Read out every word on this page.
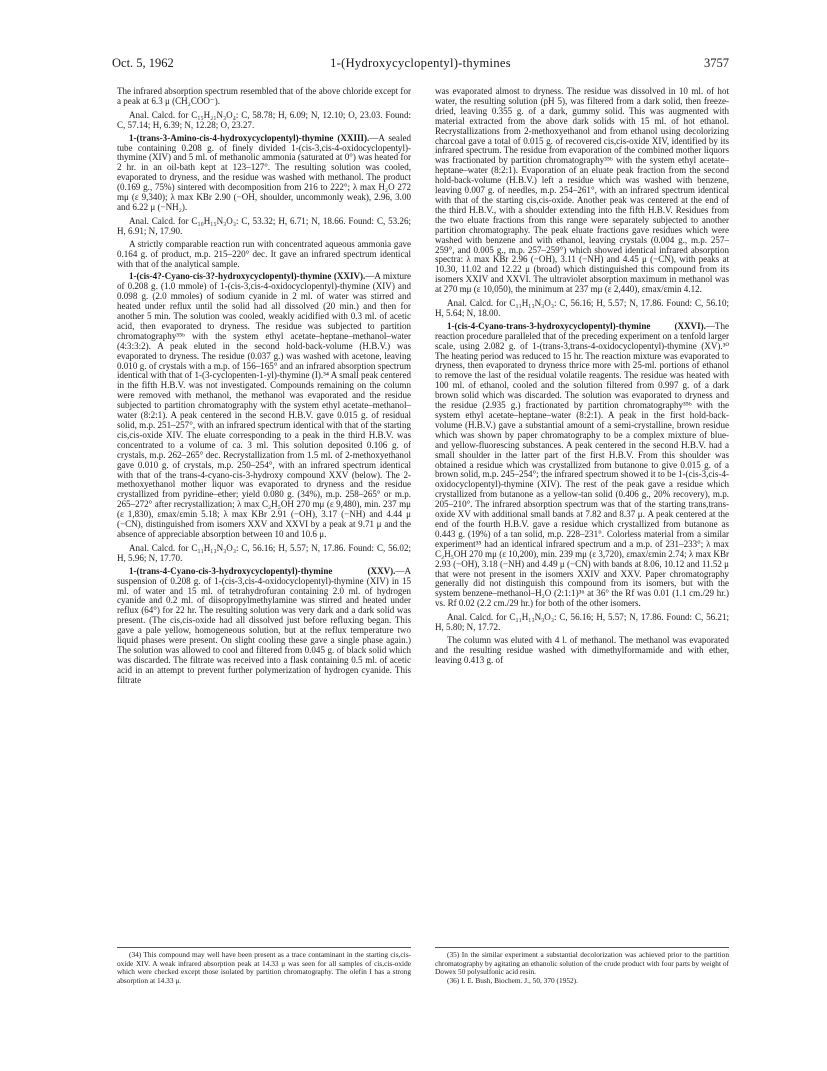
Oct. 5, 1962	1-(Hydroxycyclopentyl)-thymines	3757

The infrared absorption spectrum resembled that of the above chloride except for a peak at 6.3 μ (CH₂COO⁻).

Anal. Calcd. for C₁₅H₂₁N₃O₄: C, 58.78; H, 6.09; N, 12.10; O, 23.03. Found: C, 57.14; H, 6.39; N, 12.28; O, 23.27.

1-(trans-3-Amino-cis-4-hydroxycyclopentyl)-thymine (XXIII).—A sealed tube containing 0.208 g. of finely divided 1-(cis-3,cis-4-oxidocyclopentyl)-thymine (XIV) and 5 ml. of methanolic ammonia (saturated at 0°) was heated for 2 hr. in an oil-bath kept at 123–127°. The resulting solution was cooled, evaporated to dryness, and the residue was washed with methanol. The product (0.169 g., 75%) sintered with decomposition from 216 to 222°; λ max H₂O 272 mμ (ε 9,340); λ max KBr 2.90 (−OH, shoulder, uncommonly weak), 2.96, 3.00 and 6.22 μ (−NH₂).

Anal. Calcd. for C₁₀H₁₅N₃O₃: C, 53.32; H, 6.71; N, 18.66. Found: C, 53.26; H, 6.91; N, 17.90.

A strictly comparable reaction run with concentrated aqueous ammonia gave 0.164 g. of product, m.p. 215–220° dec. It gave an infrared spectrum identical with that of the analytical sample.

1-(cis-4?-Cyano-cis-3?-hydroxycyclopentyl)-thymine (XXIV).—A mixture of 0.208 g. (1.0 mmole) of 1-(cis-3,cis-4-oxidocyclopentyl)-thymine (XIV) and 0.098 g. (2.0 mmoles) of sodium cyanide in 2 ml. of water was stirred and heated under reflux until the solid had all dissolved (20 min.) and then for another 5 min. The solution was cooled, weakly acidified with 0.3 ml. of acetic acid, then evaporated to dryness. The residue was subjected to partition chromatography³⁵ᵇ with the system ethyl acetate–heptane–methanol–water (4:3:3:2). A peak eluted in the second hold-back-volume (H.B.V.) was evaporated to dryness. The residue (0.037 g.) was washed with acetone, leaving 0.010 g. of crystals with a m.p. of 156–165° and an infrared absorption spectrum identical with that of 1-(3-cyclopenten-1-yl)-thymine (I).³⁴ A small peak centered in the fifth H.B.V. was not investigated. Compounds remaining on the column were removed with methanol, the methanol was evaporated and the residue subjected to partition chromatography with the system ethyl acetate–methanol–water (8:2:1). A peak centered in the second H.B.V. gave 0.015 g. of residual solid, m.p. 251–257°, with an infrared spectrum identical with that of the starting cis,cis-oxide XIV. The eluate corresponding to a peak in the third H.B.V. was concentrated to a volume of ca. 3 ml. This solution deposited 0.106 g. of crystals, m.p. 262–265° dec. Recrystallization from 1.5 ml. of 2-methoxyethanol gave 0.010 g. of crystals, m.p. 250–254°, with an infrared spectrum identical with that of the trans-4-cyano-cis-3-hydroxy compound XXV (below). The 2-methoxyethanol mother liquor was evaporated to dryness and the residue crystallized from pyridine–ether; yield 0.080 g. (34%), m.p. 258–265° or m.p. 265–272° after recrystallization; λ max C₂H₅OH 270 mμ (ε 9,480), min. 237 mμ (ε 1,830), εmax/εmin 5.18; λ max KBr 2.91 (−OH), 3.17 (−NH) and 4.44 μ (−CN), distinguished from isomers XXV and XXVI by a peak at 9.71 μ and the absence of appreciable absorption between 10 and 10.6 μ.

Anal. Calcd. for C₁₁H₁₃N₃O₃: C, 56.16; H, 5.57; N, 17.86. Found: C, 56.02; H, 5.96; N, 17.70.

1-(trans-4-Cyano-cis-3-hydroxycyclopentyl)-thymine (XXV).—A suspension of 0.208 g. of 1-(cis-3,cis-4-oxidocyclopentyl)-thymine (XIV) in 15 ml. of water and 15 ml. of tetrahydrofuran containing 2.0 ml. of hydrogen cyanide and 0.2 ml. of diisopropylmethylamine was stirred and heated under reflux (64°) for 22 hr. The resulting solution was very dark and a dark solid was present. (The cis,cis-oxide had all dissolved just before refluxing began. This gave a pale yellow, homogeneous solution, but at the reflux temperature two liquid phases were present. On slight cooling these gave a single phase again.) The solution was allowed to cool and filtered from 0.045 g. of black solid which was discarded. The filtrate was received into a flask containing 0.5 ml. of acetic acid in an attempt to prevent further polymerization of hydrogen cyanide. This filtrate

was evaporated almost to dryness. The residue was dissolved in 10 ml. of hot water, the resulting solution (pH 5), was filtered from a dark solid, then freeze-dried, leaving 0.355 g. of a dark, gummy solid. This was augmented with material extracted from the above dark solids with 15 ml. of hot ethanol. Recrystallizations from 2-methoxyethanol and from ethanol using decolorizing charcoal gave a total of 0.015 g. of recovered cis,cis-oxide XIV, identified by its infrared spectrum. The residue from evaporation of the combined mother liquors was fractionated by partition chromatography³⁵ᵇ with the system ethyl acetate–heptane–water (8:2:1). Evaporation of an eluate peak fraction from the second hold-back-volume (H.B.V.) left a residue which was washed with benzene, leaving 0.007 g. of needles, m.p. 254–261°, with an infrared spectrum identical with that of the starting cis,cis-oxide. Another peak was centered at the end of the third H.B.V., with a shoulder extending into the fifth H.B.V. Residues from the two eluate fractions from this range were separately subjected to another partition chromatography. The peak eluate fractions gave residues which were washed with benzene and with ethanol, leaving crystals (0.004 g., m.p. 257–259°, and 0.005 g., m.p. 257–259°) which showed identical infrared absorption spectra: λ max KBr 2.96 (−OH), 3.11 (−NH) and 4.45 μ (−CN), with peaks at 10.30, 11.02 and 12.22 μ (broad) which distinguished this compound from its isomers XXIV and XXVI. The ultraviolet absorption maximum in methanol was at 270 mμ (ε 10,050), the minimum at 237 mμ (ε 2,440), εmax/εmin 4.12.

Anal. Calcd. for C₁₁H₁₃N₃O₃: C, 56.16; H, 5.57; N, 17.86. Found: C, 56.10; H, 5.64; N, 18.00.

1-(cis-4-Cyano-trans-3-hydroxycyclopentyl)-thymine (XXVI).—The reaction procedure paralleled that of the preceding experiment on a tenfold larger scale, using 2.082 g. of 1-(trans-3,trans-4-oxidocyclopentyl)-thymine (XV).³⁰ The heating period was reduced to 15 hr. The reaction mixture was evaporated to dryness, then evaporated to dryness thrice more with 25-ml. portions of ethanol to remove the last of the residual volatile reagents. The residue was heated with 100 ml. of ethanol, cooled and the solution filtered from 0.997 g. of a dark brown solid which was discarded. The solution was evaporated to dryness and the residue (2.935 g.) fractionated by partition chromatography³⁵ᵇ with the system ethyl acetate–heptane–water (8:2:1). A peak in the first hold-back-volume (H.B.V.) gave a substantial amount of a semi-crystalline, brown residue which was shown by paper chromatography to be a complex mixture of blue- and yellow-fluorescing substances. A peak centered in the second H.B.V. had a small shoulder in the latter part of the first H.B.V. From this shoulder was obtained a residue which was crystallized from butanone to give 0.015 g. of a brown solid, m.p. 245–254°; the infrared spectrum showed it to be 1-(cis-3,cis-4-oxidocyclopentyl)-thymine (XIV). The rest of the peak gave a residue which crystallized from butanone as a yellow-tan solid (0.406 g., 20% recovery), m.p. 205–210°. The infrared absorption spectrum was that of the starting trans,trans-oxide XV with additional small bands at 7.82 and 8.37 μ. A peak centered at the end of the fourth H.B.V. gave a residue which crystallized from butanone as 0.443 g. (19%) of a tan solid, m.p. 228–231°. Colorless material from a similar experiment³⁵ had an identical infrared spectrum and a m.p. of 231–233°; λ max C₂H₅OH 270 mμ (ε 10,200), min. 239 mμ (ε 3,720), εmax/εmin 2.74; λ max KBr 2.93 (−OH), 3.18 (−NH) and 4.49 μ (−CN) with bands at 8.06, 10.12 and 11.52 μ that were not present in the isomers XXIV and XXV. Paper chromatography generally did not distinguish this compound from its isomers, but with the system benzene–methanol–H₂O (2:1:1)³⁶ at 36° the Rf was 0.01 (1.1 cm./29 hr.) vs. Rf 0.02 (2.2 cm./29 hr.) for both of the other isomers.

Anal. Calcd. for C₁₁H₁₃N₃O₃: C, 56.16; H, 5.57; N, 17.86. Found: C, 56.21; H, 5.80; N, 17.72.

The column was eluted with 4 l. of methanol. The methanol was evaporated and the resulting residue washed with dimethylformamide and with ether, leaving 0.413 g. of

(34) This compound may well have been present as a trace contaminant in the starting cis,cis-oxide XIV. A weak infrared absorption peak at 14.33 μ was seen for all samples of cis,cis-oxide which were checked except those isolated by partition chromatography. The olefin I has a strong absorption at 14.33 μ.

(35) In the similar experiment a substantial decolorization was achieved prior to the partition chromatography by agitating an ethanolic solution of the crude product with four parts by weight of Dowex 50 polysulfonic acid resin.

(36) I. E. Bush, Biochem. J., 50, 370 (1952).
